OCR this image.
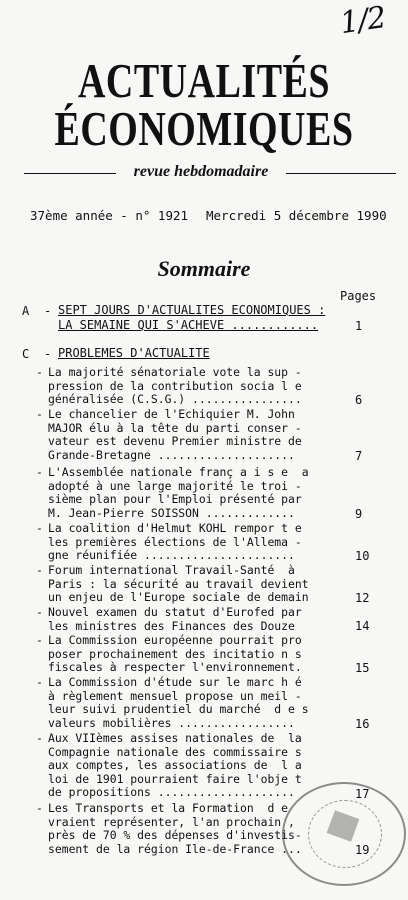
1/2
ACTUALITÉS
ÉCONOMIQUES
revue hebdomadaire
37ème année - n° 1921 Mercredi 5 décembre 1990
Sommaire
Pages
A - SEPT JOURS D'ACTUALITES ECONOMIQUES :
LA SEMAINE QUI S'ACHEVE ............	1
C - PROBLEMES D'ACTUALITE
- La majorité sénatoriale vote la sup -
pression de la contribution socia l e
généralisée (C.S.G.) ................	6
- Le chancelier de l'Echiquier M. John
MAJOR élu à la tête du parti conser -
vateur est devenu Premier ministre de
Grande-Bretagne ....................	7
- L'Assemblée nationale franç a i s e  a
adopté à une large majorité le troi -
sième plan pour l'Emploi présenté par
M. Jean-Pierre SOISSON .............	9
- La coalition d'Helmut KOHL rempor t e
les premières élections de l'Allema -
gne réunifiée ......................	10
- Forum international Travail-Santé  à
Paris : la sécurité au travail devient
un enjeu de l'Europe sociale de demain	12
- Nouvel examen du statut d'Eurofed par
les ministres des Finances des Douze	14
- La Commission européenne pourrait pro
poser prochainement des incitatio n s
fiscales à respecter l'environnement.	15
- La Commission d'étude sur le marc h é
à règlement mensuel propose un meil -
leur suivi prudentiel du marché  d e s
valeurs mobilières .................	16
- Aux VIIèmes assises nationales de  la
Compagnie nationale des commissaire s
aux comptes, les associations de  l a
loi de 1901 pourraient faire l'obje t
de propositions ....................	17
- Les Transports et la Formation  d e
vraient représenter, l'an prochain ,
près de 70 % des dépenses d'investis-
sement de la région Ile-de-France ...	19
